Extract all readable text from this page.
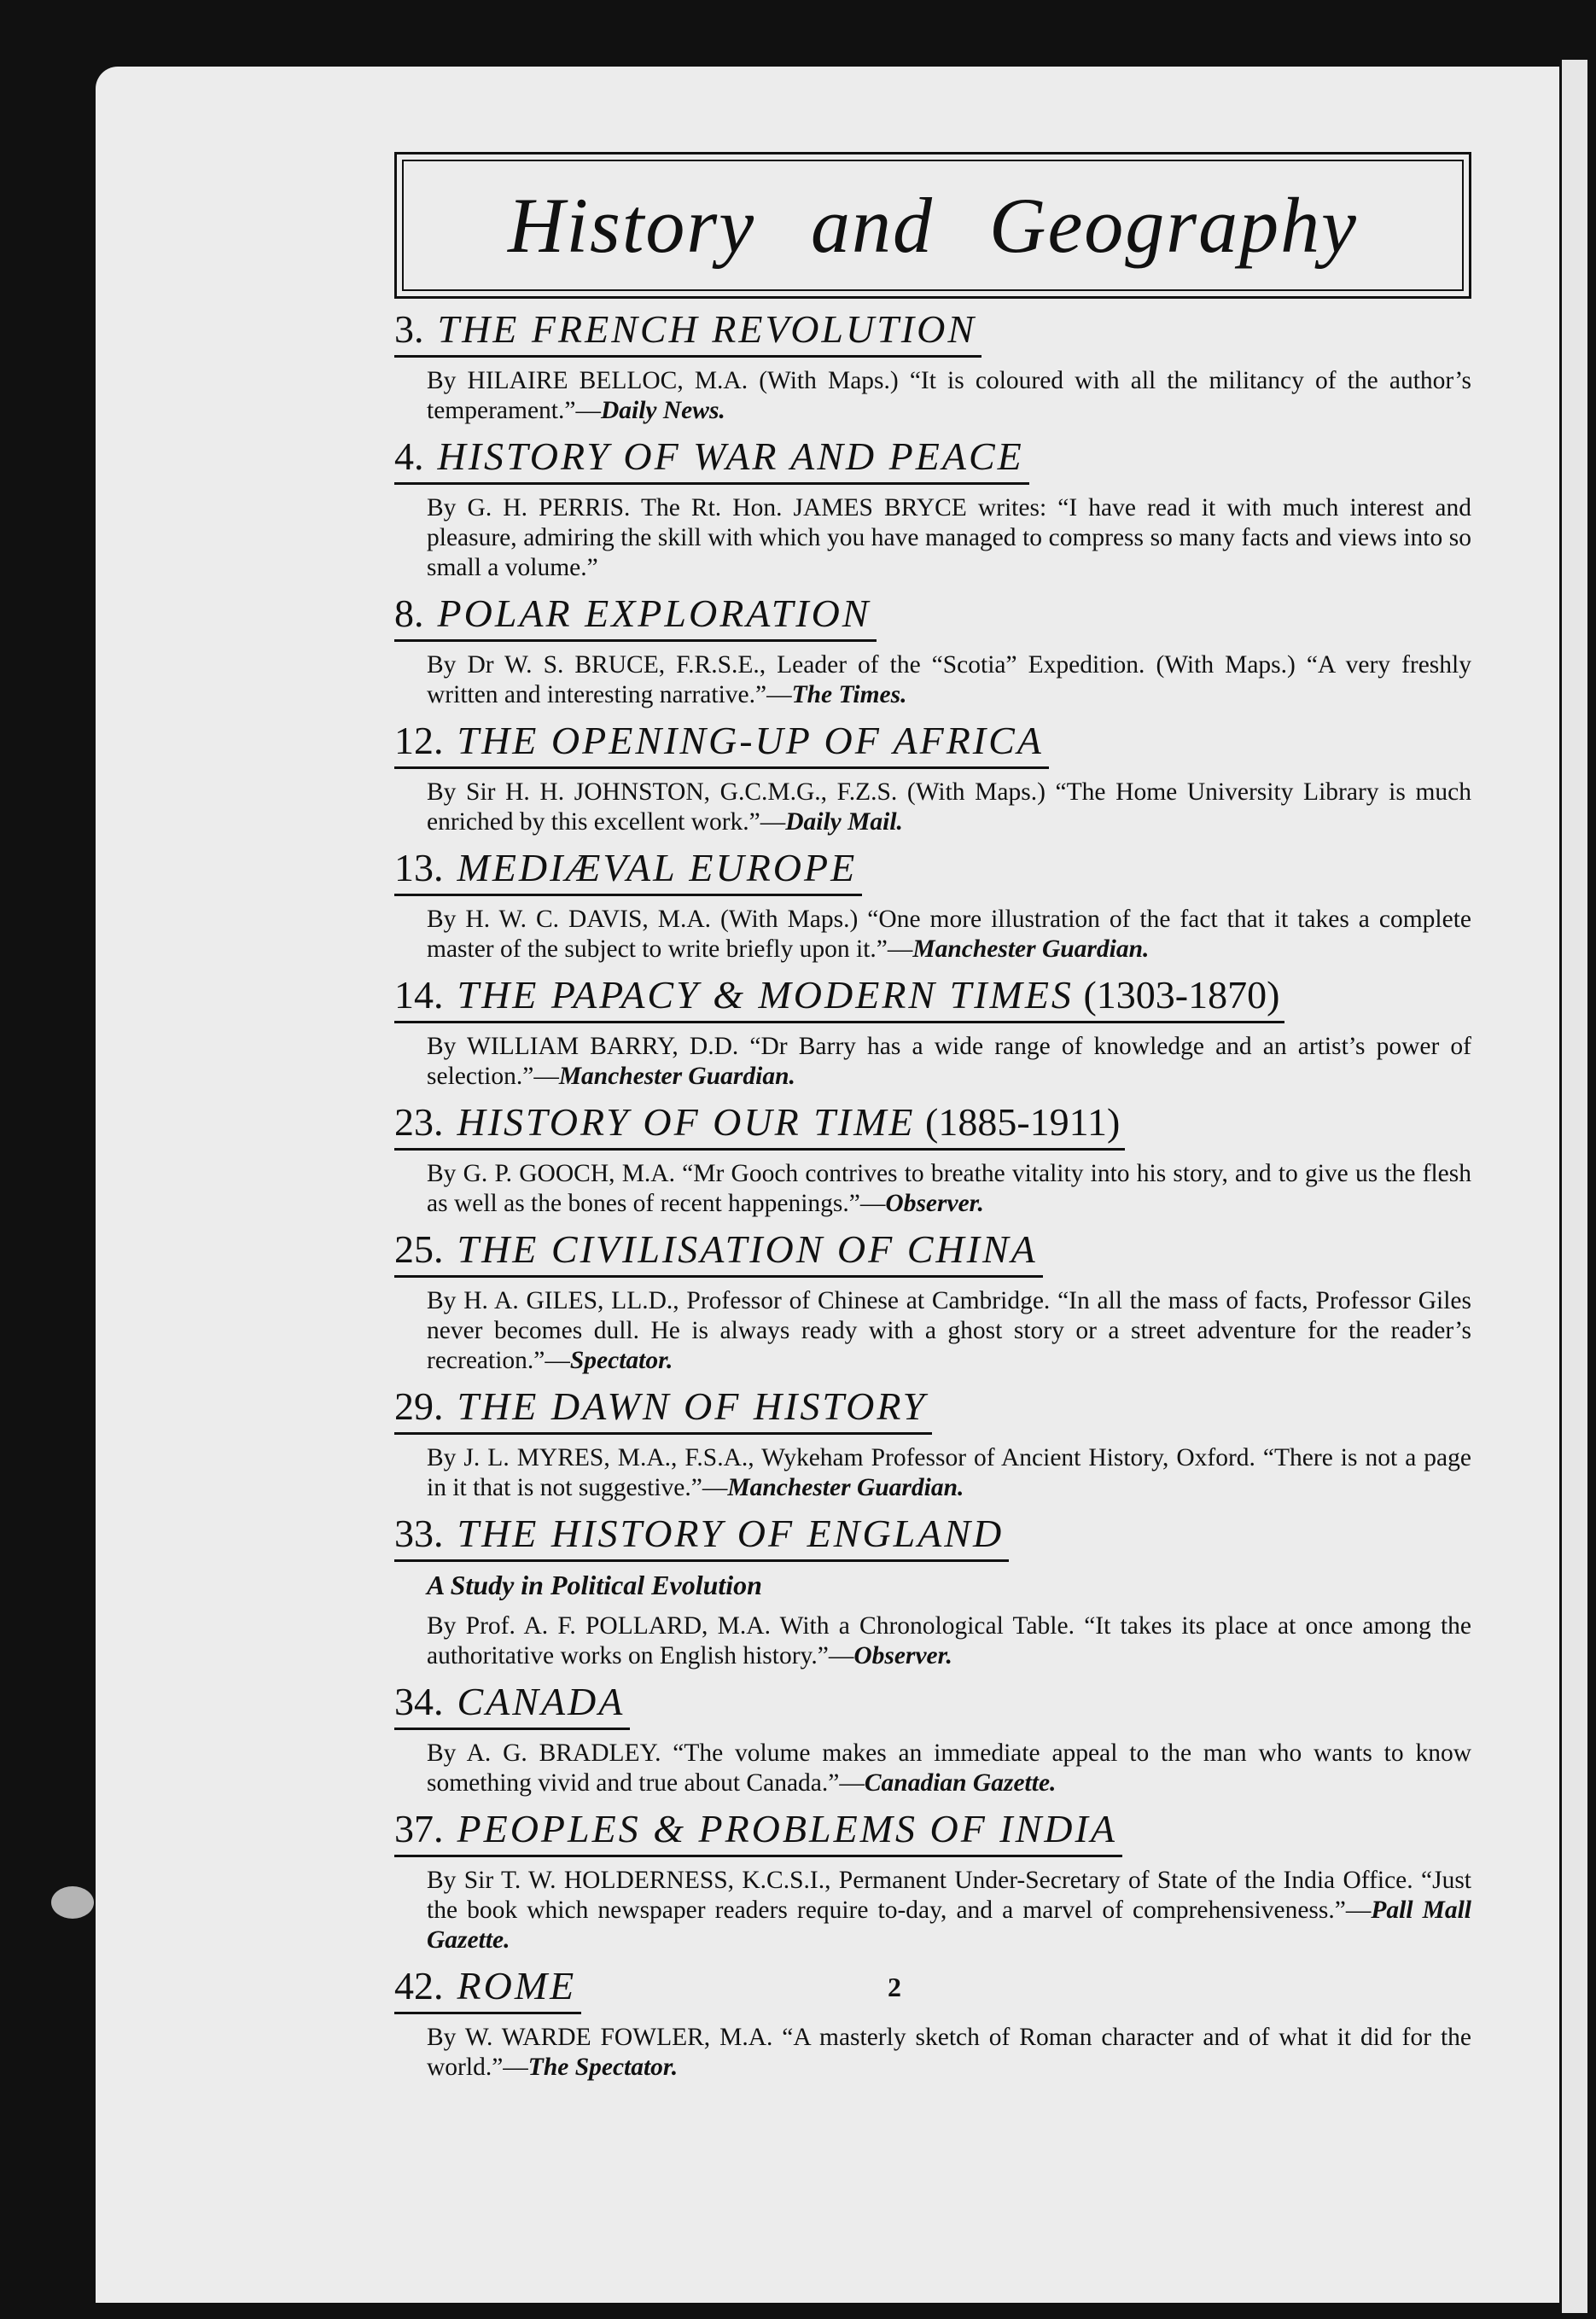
History and Geography
3. THE FRENCH REVOLUTION
By HILAIRE BELLOC, M.A. (With Maps.) “It is coloured with all the militancy of the author’s temperament.”—Daily News.
4. HISTORY OF WAR AND PEACE
By G. H. PERRIS. The Rt. Hon. JAMES BRYCE writes: “I have read it with much interest and pleasure, admiring the skill with which you have managed to compress so many facts and views into so small a volume.”
8. POLAR EXPLORATION
By Dr W. S. BRUCE, F.R.S.E., Leader of the “Scotia” Expedition. (With Maps.) “A very freshly written and interesting narrative.”—The Times.
12. THE OPENING-UP OF AFRICA
By Sir H. H. JOHNSTON, G.C.M.G., F.Z.S. (With Maps.) “The Home University Library is much enriched by this excellent work.”—Daily Mail.
13. MEDIÆVAL EUROPE
By H. W. C. DAVIS, M.A. (With Maps.) “One more illustration of the fact that it takes a complete master of the subject to write briefly upon it.”—Manchester Guardian.
14. THE PAPACY & MODERN TIMES (1303-1870)
By WILLIAM BARRY, D.D. “Dr Barry has a wide range of knowledge and an artist’s power of selection.”—Manchester Guardian.
23. HISTORY OF OUR TIME (1885-1911)
By G. P. GOOCH, M.A. “Mr Gooch contrives to breathe vitality into his story, and to give us the flesh as well as the bones of recent happenings.”—Observer.
25. THE CIVILISATION OF CHINA
By H. A. GILES, LL.D., Professor of Chinese at Cambridge. “In all the mass of facts, Professor Giles never becomes dull. He is always ready with a ghost story or a street adventure for the reader’s recreation.”—Spectator.
29. THE DAWN OF HISTORY
By J. L. MYRES, M.A., F.S.A., Wykeham Professor of Ancient History, Oxford. “There is not a page in it that is not suggestive.”—Manchester Guardian.
33. THE HISTORY OF ENGLAND
A Study in Political Evolution
By Prof. A. F. POLLARD, M.A. With a Chronological Table. “It takes its place at once among the authoritative works on English history.”—Observer.
34. CANADA
By A. G. BRADLEY. “The volume makes an immediate appeal to the man who wants to know something vivid and true about Canada.”—Canadian Gazette.
37. PEOPLES & PROBLEMS OF INDIA
By Sir T. W. HOLDERNESS, K.C.S.I., Permanent Under-Secretary of State of the India Office. “Just the book which newspaper readers require to-day, and a marvel of comprehensiveness.”—Pall Mall Gazette.
42. ROME
By W. WARDE FOWLER, M.A. “A masterly sketch of Roman character and of what it did for the world.”—The Spectator.
2
